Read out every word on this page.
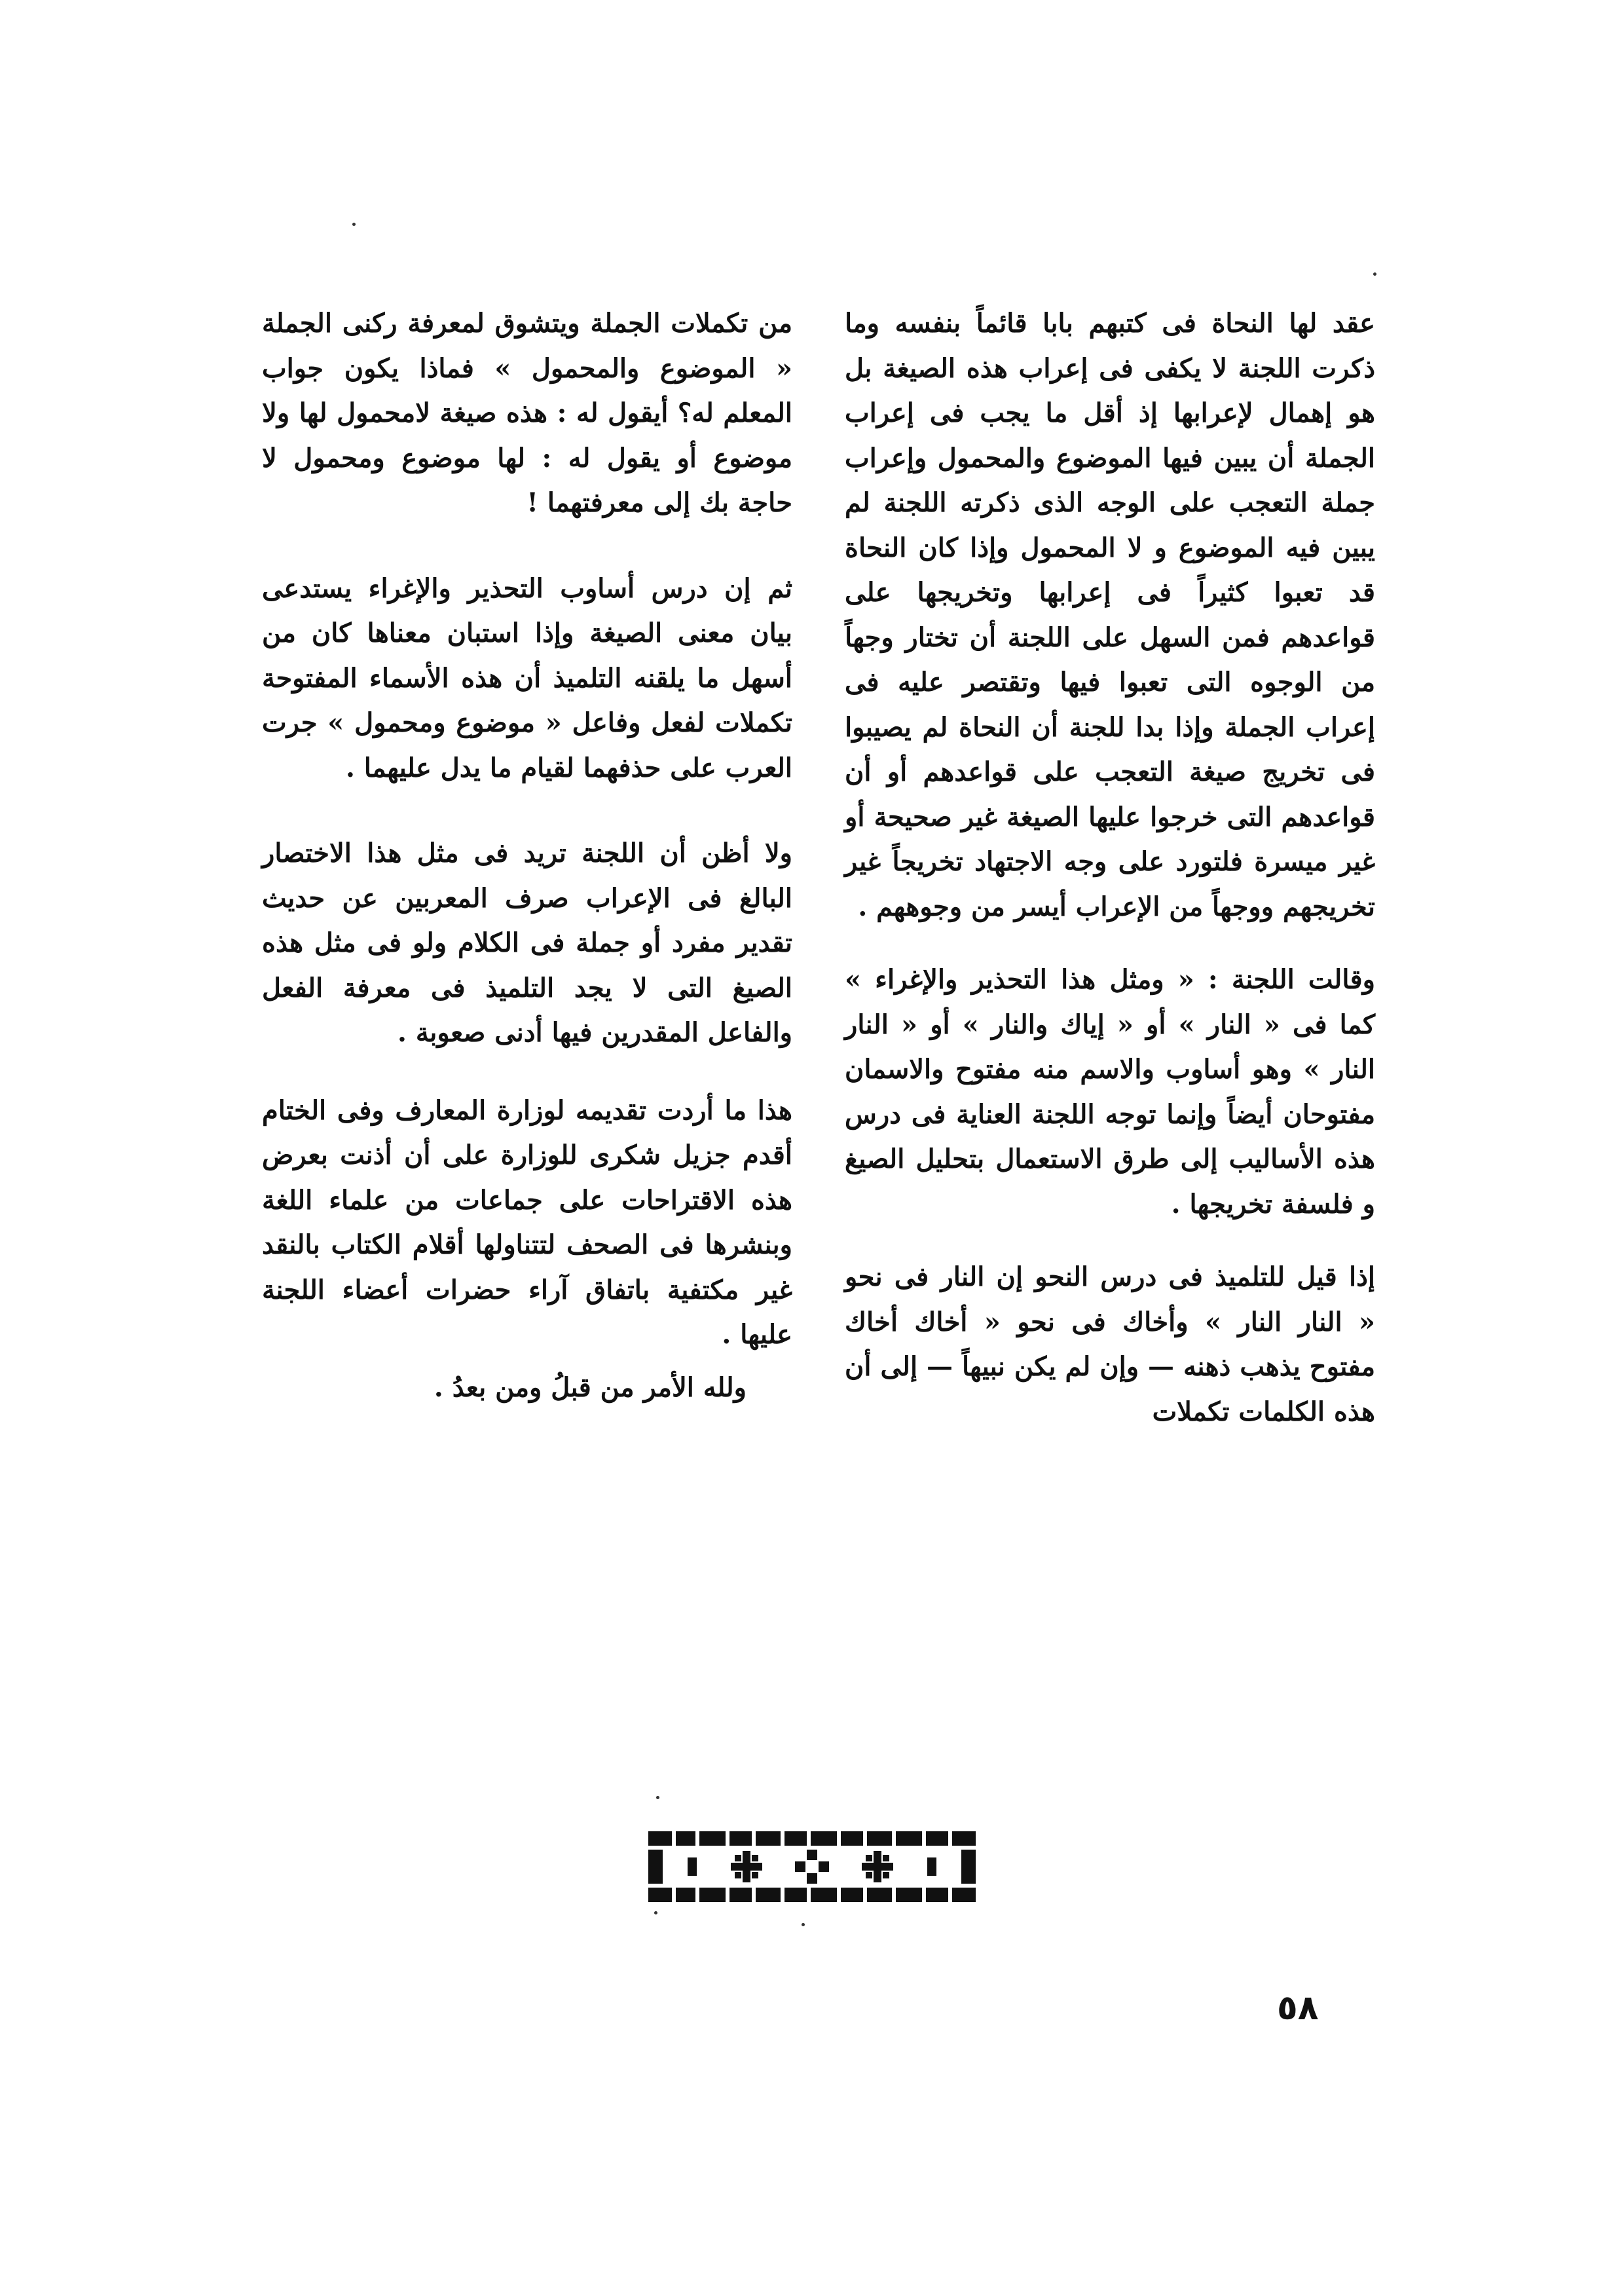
عقد لها النحاة فى كتبهم بابا قائماً بنفسه وما ذكرت اللجنة لا يكفى فى إعراب هذه الصيغة بل هو إهمال لإعرابها إذ أقل ما يجب فى إعراب الجملة أن يبين فيها الموضوع والمحمول وإعراب جملة التعجب على الوجه الذى ذكرته اللجنة لم يبين فيه الموضوع و لا المحمول وإذا كان النحاة قد تعبوا كثيراً فى إعرابها وتخريجها على قواعدهم فمن السهل على اللجنة أن تختار وجهاً من الوجوه التى تعبوا فيها وتقتصر عليه فى إعراب الجملة وإذا بدا للجنة أن النحاة لم يصيبوا فى تخريج صيغة التعجب على قواعدهم أو أن قواعدهم التى خرجوا عليها الصيغة غير صحيحة أو غير ميسرة فلتورد على وجه الاجتهاد تخريجاً غير تخريجهم ووجهاً من الإعراب أيسر من وجوههم .

وقالت اللجنة : « ومثل هذا التحذير والإغراء » كما فى « النار » أو « إياك والنار » أو « النار النار » وهو أساوب والاسم منه مفتوح والاسمان مفتوحان أيضاً وإنما توجه اللجنة العناية فى درس هذه الأساليب إلى طرق الاستعمال بتحليل الصيغ و فلسفة تخريجها .

إذا قيل للتلميذ فى درس النحو إن النار فى نحو « النار النار » وأخاك فى نحو « أخاك أخاك مفتوح يذهب ذهنه — وإن لم يكن نبيهاً — إلى أن هذه الكلمات تكملات

من تكملات الجملة ويتشوق لمعرفة ركنى الجملة « الموضوع والمحمول » فماذا يكون جواب المعلم له؟ أيقول له : هذه صيغة لامحمول لها ولا موضوع أو يقول له : لها موضوع ومحمول لا حاجة بك إلى معرفتهما !

ثم إن درس أساوب التحذير والإغراء يستدعى بيان معنى الصيغة وإذا استبان معناها كان من أسهل ما يلقنه التلميذ أن هذه الأسماء المفتوحة تكملات لفعل وفاعل « موضوع ومحمول » جرت العرب على حذفهما لقيام ما يدل عليهما .

ولا أظن أن اللجنة تريد فى مثل هذا الاختصار البالغ فى الإعراب صرف المعربين عن حديث تقدير مفرد أو جملة فى الكلام ولو فى مثل هذه الصيغ التى لا يجد التلميذ فى معرفة الفعل والفاعل المقدرين فيها أدنى صعوبة .

هذا ما أردت تقديمه لوزارة المعارف وفى الختام أقدم جزيل شكرى للوزارة على أن أذنت بعرض هذه الاقتراحات على جماعات من علماء اللغة وبنشرها فى الصحف لتتناولها أقلام الكتاب بالنقد غير مكتفية باتفاق آراء حضرات أعضاء اللجنة عليها .

ولله الأمر من قبلُ ومن بعدُ .

٥٨
